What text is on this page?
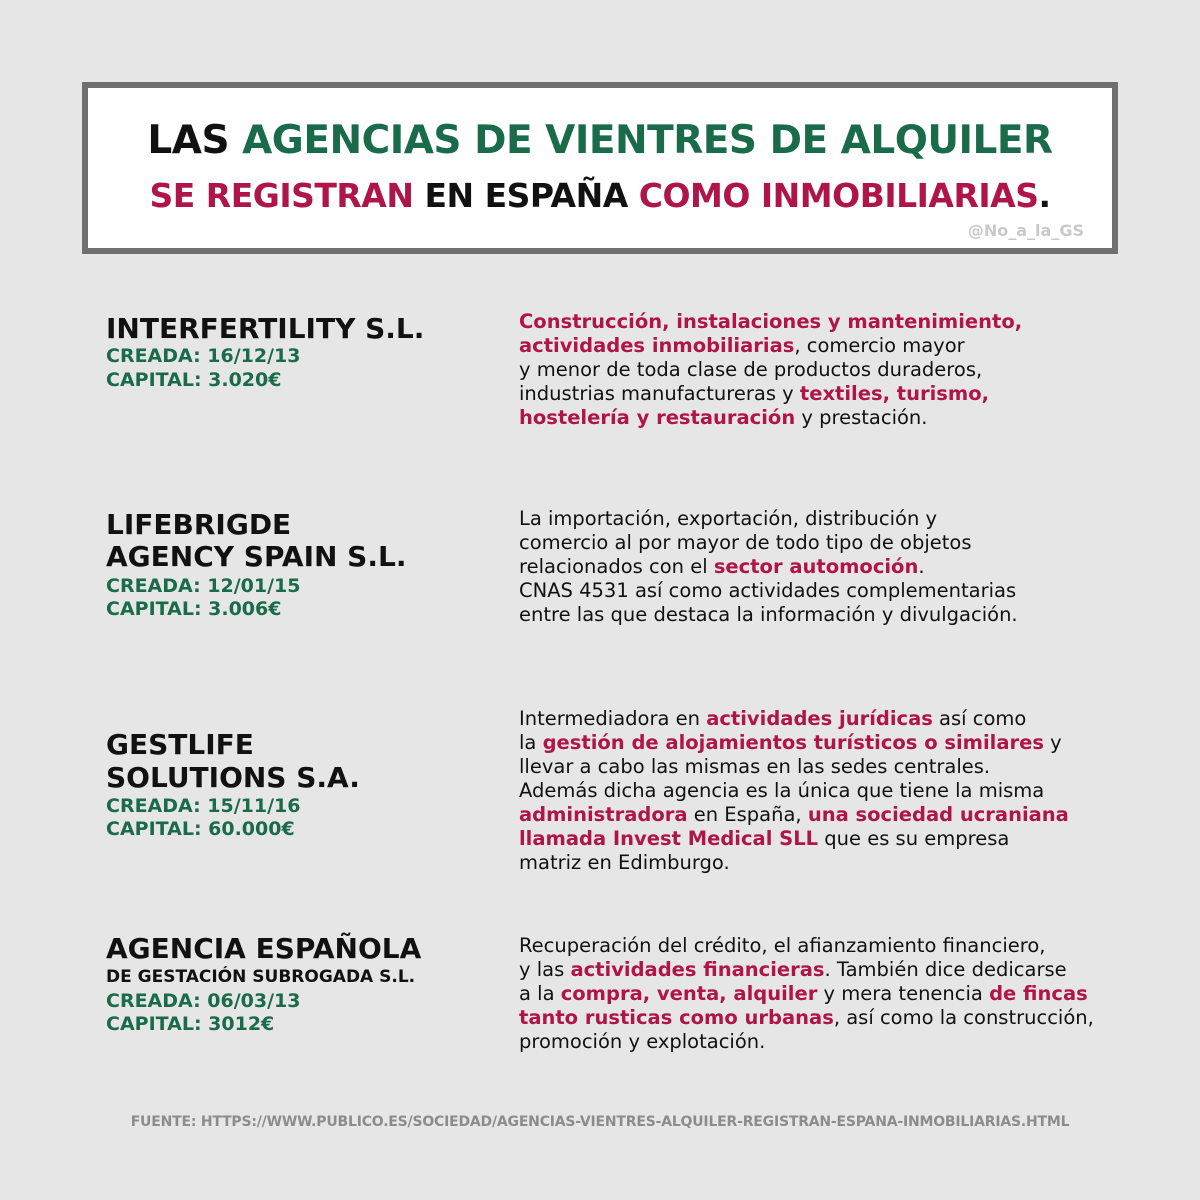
LAS AGENCIAS DE VIENTRES DE ALQUILER
SE REGISTRAN EN ESPAÑA COMO INMOBILIARIAS.
@No_a_la_GS
INTERFERTILITY S.L.
CREADA: 16/12/13
CAPITAL: 3.020€
Construcción, instalaciones y mantenimiento,
actividades inmobiliarias, comercio mayor
y menor de toda clase de productos duraderos,
industrias manufactureras y textiles, turismo,
hostelería y restauración y prestación.
LIFEBRIGDE
AGENCY SPAIN S.L.
CREADA: 12/01/15
CAPITAL: 3.006€
La importación, exportación, distribución y
comercio al por mayor de todo tipo de objetos
relacionados con el sector automoción.
CNAS 4531 así como actividades complementarias
entre las que destaca la información y divulgación.
GESTLIFE
SOLUTIONS S.A.
CREADA: 15/11/16
CAPITAL: 60.000€
Intermediadora en actividades jurídicas así como
la gestión de alojamientos turísticos o similares y
llevar a cabo las mismas en las sedes centrales.
Además dicha agencia es la única que tiene la misma
administradora en España, una sociedad ucraniana
llamada Invest Medical SLL que es su empresa
matriz en Edimburgo.
AGENCIA ESPAÑOLA
DE GESTACIÓN SUBROGADA S.L.
CREADA: 06/03/13
CAPITAL: 3012€
Recuperación del crédito, el afianzamiento financiero,
y las actividades financieras. También dice dedicarse
a la compra, venta, alquiler y mera tenencia de fincas
tanto rusticas como urbanas, así como la construcción,
promoción y explotación.
FUENTE: HTTPS://WWW.PUBLICO.ES/SOCIEDAD/AGENCIAS-VIENTRES-ALQUILER-REGISTRAN-ESPANA-INMOBILIARIAS.HTML
